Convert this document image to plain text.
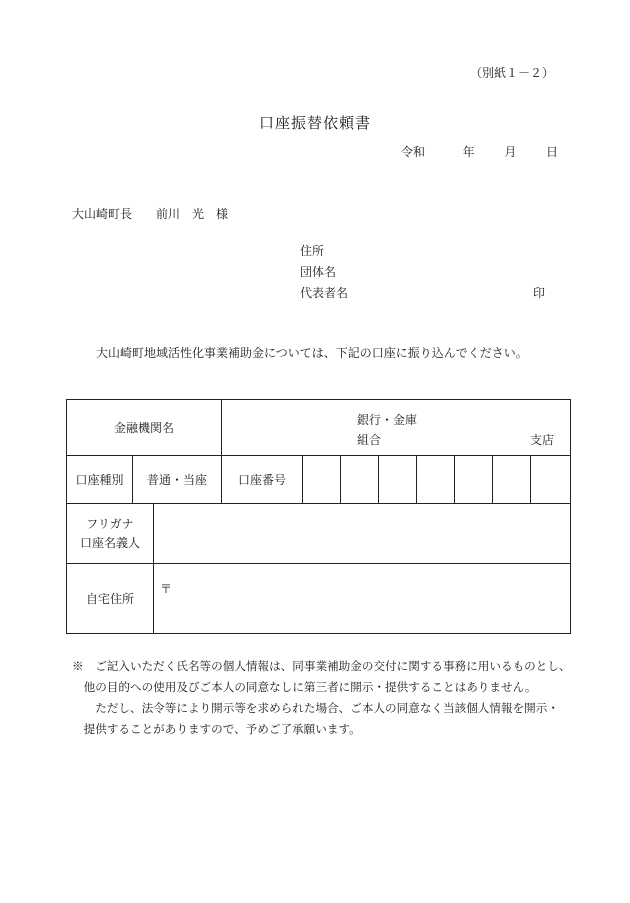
（別紙１－２）
口座振替依頼書
令和	年 月 日
大山崎町長　　前川　光　様
住所
団体名
代表者名	印
大山崎町地域活性化事業補助金については、下記の口座に振り込んでください。
金融機関名			銀行・金庫
組合 支店							

口座種別	普通・当座		口座番号							

フリガナ
口座名義人										

自宅住所		〒								
※　ご記入いただく氏名等の個人情報は、同事業補助金の交付に関する事務に用いるものとし、
　他の目的への使用及びご本人の同意なしに第三者に開示・提供することはありません。
　　ただし、法令等により開示等を求められた場合、ご本人の同意なく当該個人情報を開示・
　提供することがありますので、予めご了承願います。
